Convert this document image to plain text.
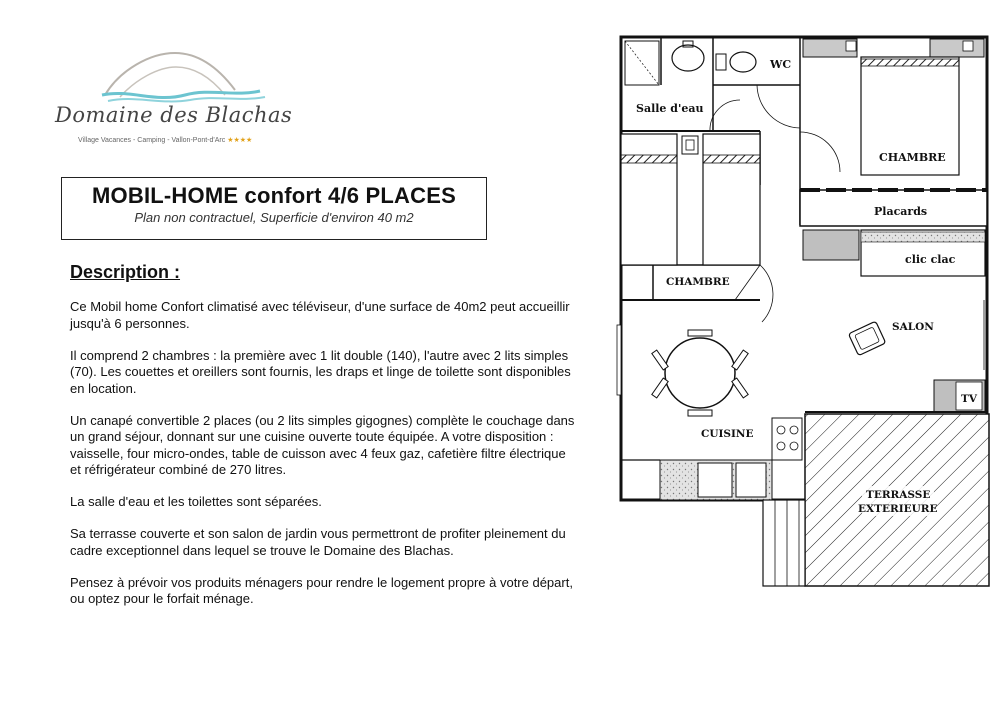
Domaine des Blachas
Village Vacances - Camping - Vallon-Pont-d'Arc ★★★★
MOBIL-HOME confort 4/6 PLACES
Plan non contractuel, Superficie d'environ 40 m2
Description :

Ce Mobil home Confort climatisé avec téléviseur, d'une surface de 40m2 peut accueillir jusqu'à 6 personnes.

Il comprend 2 chambres : la première avec 1 lit double (140), l'autre avec 2 lits simples (70). Les couettes et oreillers sont fournis, les draps et linge de toilette sont disponibles en location.

Un canapé convertible 2 places (ou 2 lits simples gigognes) complète le couchage dans un grand séjour, donnant sur une cuisine ouverte toute équipée. A votre disposition : vaisselle, four micro-ondes, table de cuisson avec 4 feux gaz, cafetière filtre électrique et réfrigérateur combiné de 270 litres.

La salle d'eau et les toilettes sont séparées.

Sa terrasse couverte et son salon de jardin vous permettront de profiter pleinement du cadre exceptionnel dans lequel se trouve le Domaine des Blachas.

Pensez à prévoir vos produits ménagers pour rendre le logement propre à votre départ, ou optez pour le forfait ménage.

WC
Salle d'eau
CHAMBRE
Placards
CHAMBRE
clic clac
SALON
TV
CUISINE
TERRASSE
EXTERIEURE
